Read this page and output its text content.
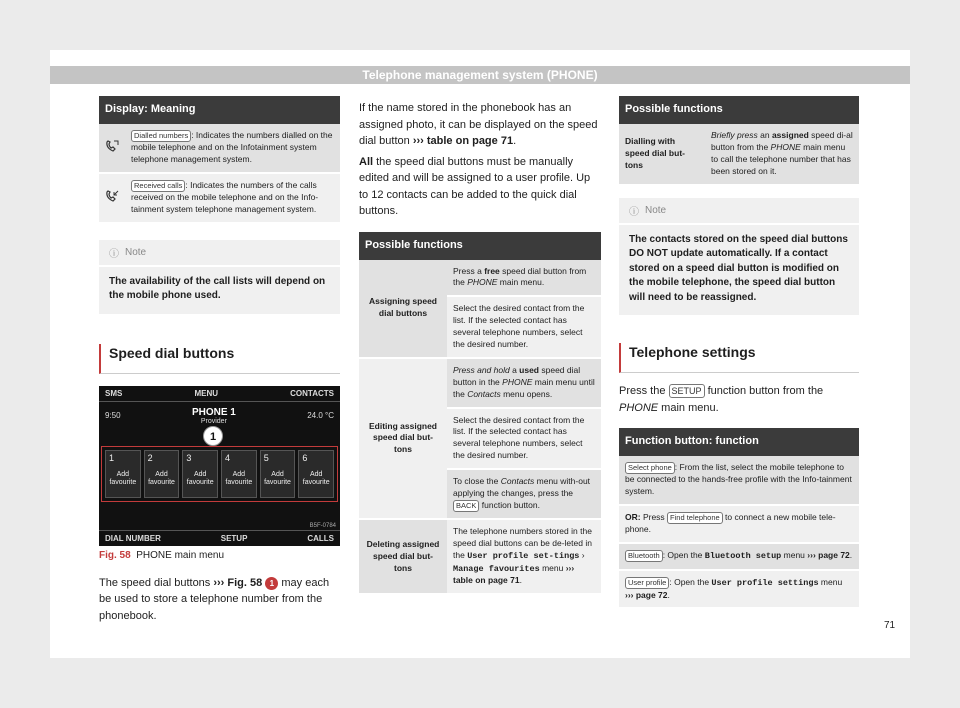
Telephone management system (PHONE)
Display: Meaning	
	Dialled numbers : Indicates the numbers dialled on the mobile telephone and on the Infotainment system telephone management system.
	Received calls : Indicates the numbers of the calls received on the mobile telephone and on the Info-tainment system telephone management system.
ⓘ Note
The availability of the call lists will depend on the mobile phone used.
Speed dial buttons
SMS	MENU	CONTACTS
9:50	PHONE 1
Provider
24.0 °C
1
1
Add favourite
2
Add favourite
3
Add favourite
4
Add favourite
5
Add favourite
6
Add favourite
DIAL NUMBER	SETUP	CALLS
B5F-0784
Fig. 58 PHONE main menu
The speed dial buttons ››› Fig. 58 1 may each be used to store a telephone number from the phonebook.
If the name stored in the phonebook has an assigned photo, it can be displayed on the speed dial button ››› table on page 71.
All the speed dial buttons must be manually edited and will be assigned to a user profile. Up to 12 contacts can be added to the quick dial buttons.
Possible functions	
Assigning speed dial buttons	Press a free speed dial button from the PHONE main menu.
	Select the desired contact from the list. If the selected contact has several telephone numbers, select the desired number.
Editing assigned speed dial but-tons	Press and hold a used speed dial button in the PHONE main menu until the Contacts menu opens.
	Select the desired contact from the list. If the selected contact has several telephone numbers, select the desired number.
	To close the Contacts menu with-out applying the changes, press the BACK function button.
Deleting assigned speed dial but-tons	The telephone numbers stored in the speed dial buttons can be de-leted in the User profile set-tings › Manage favourites menu ››› table on page 71.
Possible functions
Dialling with speed dial but-tons	Briefly press an assigned speed di-al button from the PHONE main menu to call the telephone number that has been stored on it.
ⓘ Note
The contacts stored on the speed dial buttons DO NOT update automatically. If a contact stored on a speed dial button is modified on the mobile telephone, the speed dial button will need to be reassigned.
Telephone settings
Press the SETUP function button from the PHONE main menu.
Function button: function
Select phone : From the list, select the mobile telephone to be connected to the hands-free profile with the Info-tainment system.
OR: Press Find telephone to connect a new mobile tele-phone.
Bluetooth : Open the Bluetooth setup menu ››› page 72.
User profile : Open the User profile settings menu ››› page 72.
71
